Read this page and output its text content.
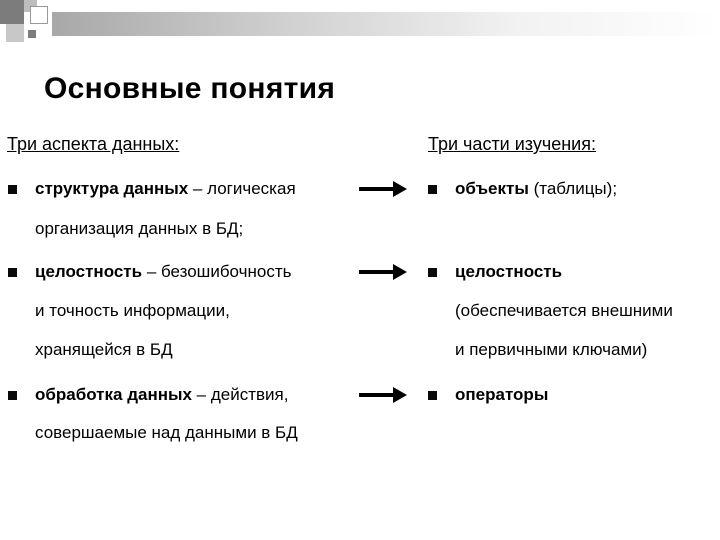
Основные понятия
Три аспекта данных:	Три части изучения:
структура данных – логическая
организация данных в БД;
целостность – безошибочность
и точность информации,
хранящейся в БД
обработка данных – действия,
совершаемые над данными в БД
объекты (таблицы);
целостность
(обеспечивается внешними
и первичными ключами)
операторы
